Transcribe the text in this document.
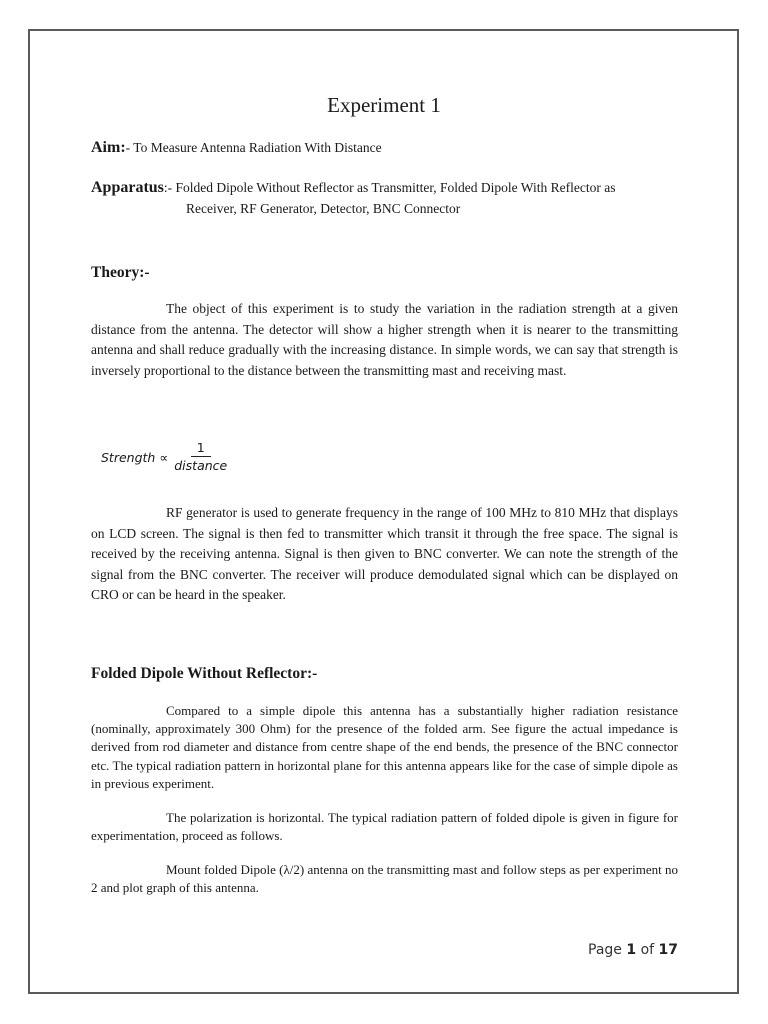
Experiment 1
Aim:- To Measure Antenna Radiation With Distance
Apparatus:- Folded Dipole Without Reflector as Transmitter, Folded Dipole With Reflector as
Receiver, RF Generator, Detector, BNC Connector
Theory:-

The object of this experiment is to study the variation in the radiation strength at a given distance from the antenna. The detector will show a higher strength when it is nearer to the transmitting antenna and shall reduce gradually with the increasing distance. In simple words, we can say that strength is inversely proportional to the distance between the transmitting mast and receiving mast.

Strength ∝ $\frac{1}{\text{distance}}$

RF generator is used to generate frequency in the range of 100 MHz to 810 MHz that displays on LCD screen. The signal is then fed to transmitter which transit it through the free space. The signal is received by the receiving antenna. Signal is then given to BNC converter. We can note the strength of the signal from the BNC converter. The receiver will produce demodulated signal which can be displayed on CRO or can be heard in the speaker.

Folded Dipole Without Reflector:-

Compared to a simple dipole this antenna has a substantially higher radiation resistance (nominally, approximately 300 Ohm) for the presence of the folded arm. See figure the actual impedance is derived from rod diameter and distance from centre shape of the end bends, the presence of the BNC connector etc. The typical radiation pattern in horizontal plane for this antenna appears like for the case of simple dipole as in previous experiment.

The polarization is horizontal. The typical radiation pattern of folded dipole is given in figure for experimentation, proceed as follows.

Mount folded Dipole (λ/2) antenna on the transmitting mast and follow steps as per experiment no 2 and plot graph of this antenna.

Page 1 of 17
